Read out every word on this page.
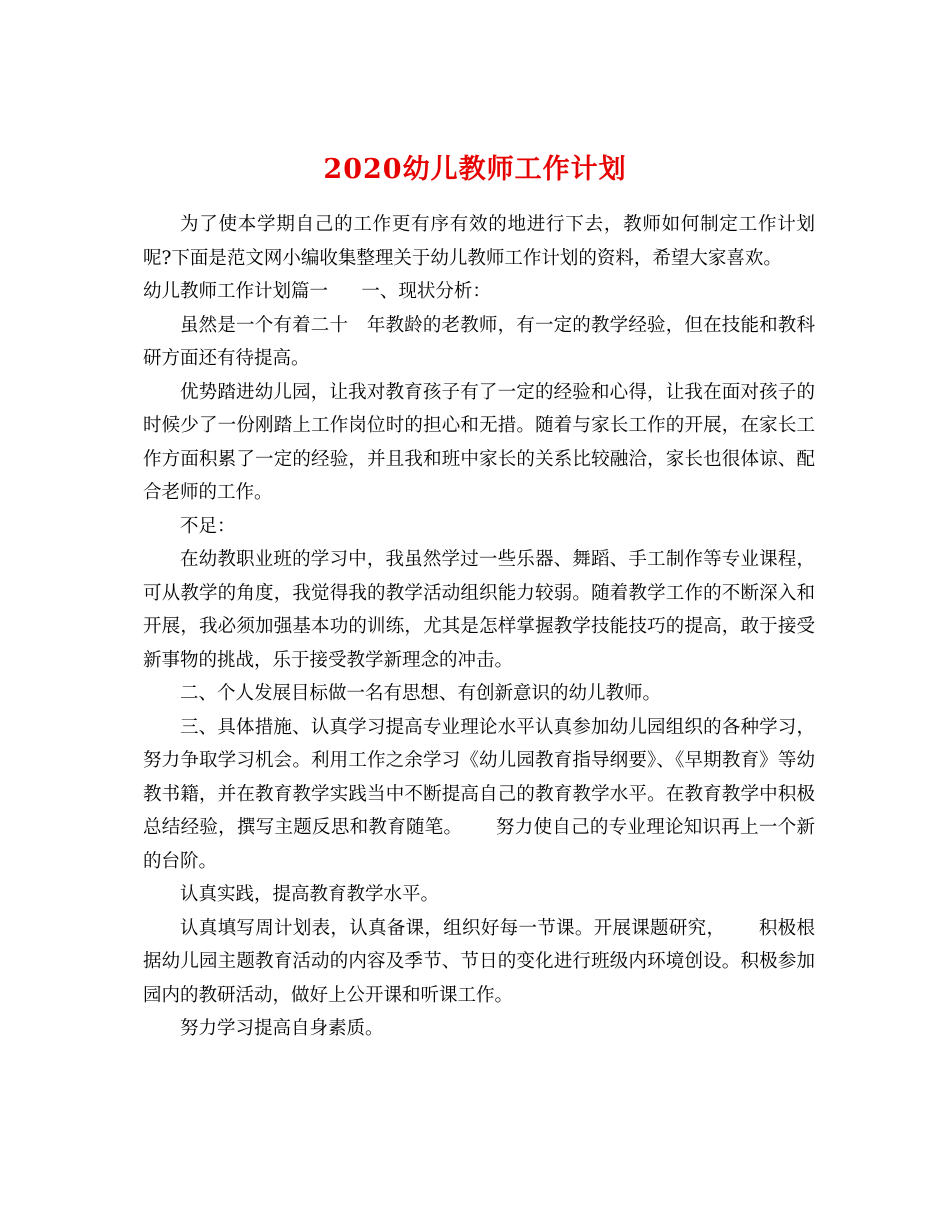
2020幼儿教师工作计划

为了使本学期自己的工作更有序有效的地进行下去，教师如何制定工作计划呢?下面是范文网小编收集整理关于幼儿教师工作计划的资料，希望大家喜欢。

幼儿教师工作计划篇一 一、现状分析：

虽然是一个有着二十　年教龄的老教师，有一定的教学经验，但在技能和教科研方面还有待提高。

优势踏进幼儿园，让我对教育孩子有了一定的经验和心得，让我在面对孩子的时候少了一份刚踏上工作岗位时的担心和无措。随着与家长工作的开展，在家长工作方面积累了一定的经验，并且我和班中家长的关系比较融洽，家长也很体谅、配合老师的工作。

不足：

在幼教职业班的学习中，我虽然学过一些乐器、舞蹈、手工制作等专业课程，可从教学的角度，我觉得我的教学活动组织能力较弱。随着教学工作的不断深入和开展，我必须加强基本功的训练，尤其是怎样掌握教学技能技巧的提高，敢于接受新事物的挑战，乐于接受教学新理念的冲击。

二、个人发展目标做一名有思想、有创新意识的幼儿教师。

三、具体措施、认真学习提高专业理论水平认真参加幼儿园组织的各种学习，努力争取学习机会。利用工作之余学习《幼儿园教育指导纲要》、《早期教育》等幼教书籍，并在教育教学实践当中不断提高自己的教育教学水平。在教育教学中积极总结经验，撰写主题反思和教育随笔。 努力使自己的专业理论知识再上一个新的台阶。

认真实践，提高教育教学水平。

认真填写周计划表，认真备课，组织好每一节课。开展课题研究， 积极根据幼儿园主题教育活动的内容及季节、节日的变化进行班级内环境创设。积极参加园内的教研活动，做好上公开课和听课工作。

努力学习提高自身素质。
